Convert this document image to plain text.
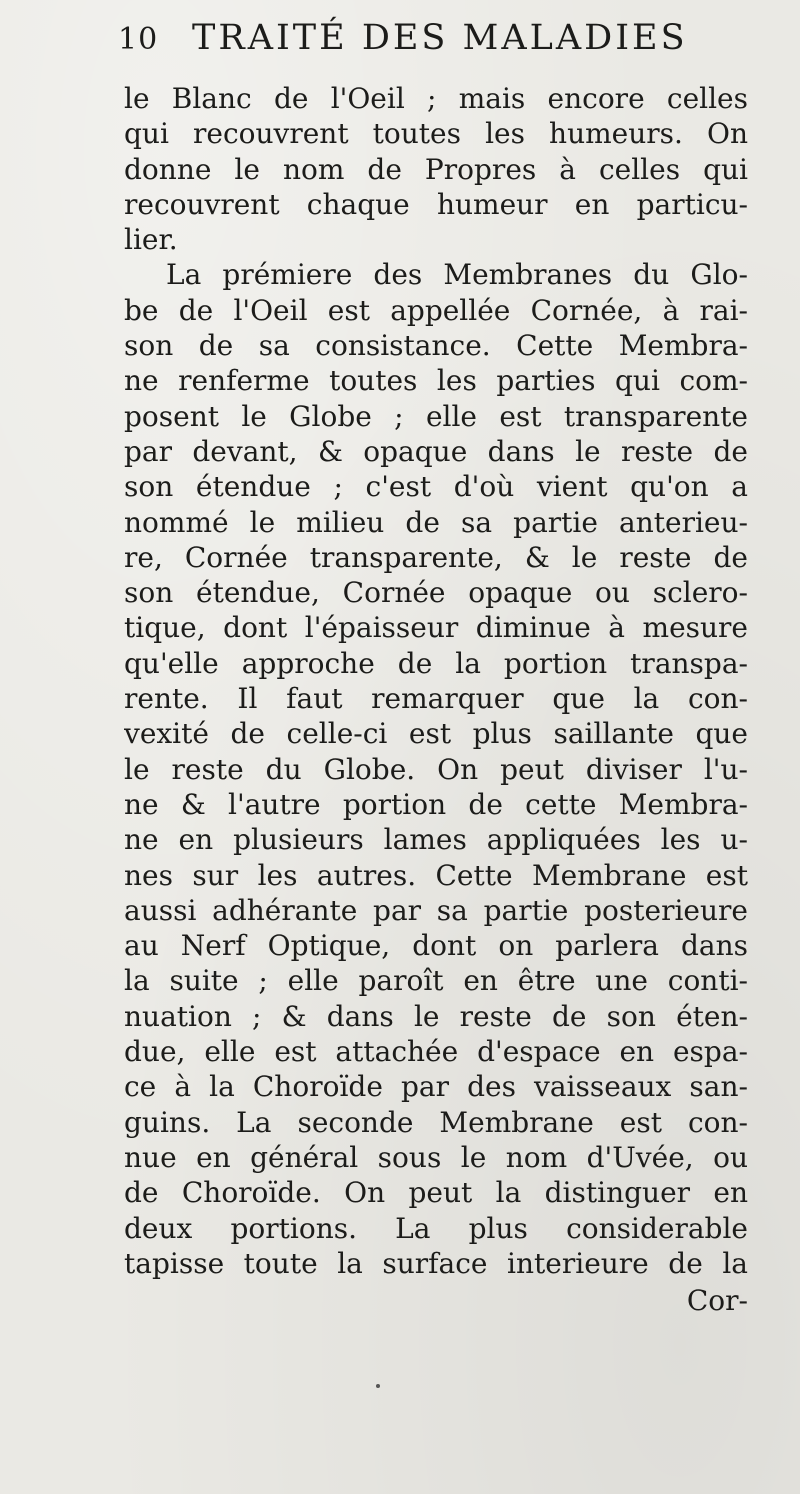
10 TRAITÉ DES MALADIES
le Blanc de l'Oeil ; mais encore celles
qui recouvrent toutes les humeurs. On
donne le nom de Propres à celles qui
recouvrent chaque humeur en particu-
lier.
La prémiere des Membranes du Glo-
be de l'Oeil est appellée Cornée, à rai-
son de sa consistance. Cette Membra-
ne renferme toutes les parties qui com-
posent le Globe ; elle est transparente
par devant, & opaque dans le reste de
son étendue ; c'est d'où vient qu'on a
nommé le milieu de sa partie anterieu-
re, Cornée transparente, & le reste de
son étendue, Cornée opaque ou sclero-
tique, dont l'épaisseur diminue à mesure
qu'elle approche de la portion transpa-
rente. Il faut remarquer que la con-
vexité de celle-ci est plus saillante que
le reste du Globe. On peut diviser l'u-
ne & l'autre portion de cette Membra-
ne en plusieurs lames appliquées les u-
nes sur les autres. Cette Membrane est
aussi adhérante par sa partie posterieure
au Nerf Optique, dont on parlera dans
la suite ; elle paroît en être une conti-
nuation ; & dans le reste de son éten-
due, elle est attachée d'espace en espa-
ce à la Choroïde par des vaisseaux san-
guins. La seconde Membrane est con-
nue en général sous le nom d'Uvée, ou
de Choroïde. On peut la distinguer en
deux portions. La plus considerable
tapisse toute la surface interieure de la
Cor-
